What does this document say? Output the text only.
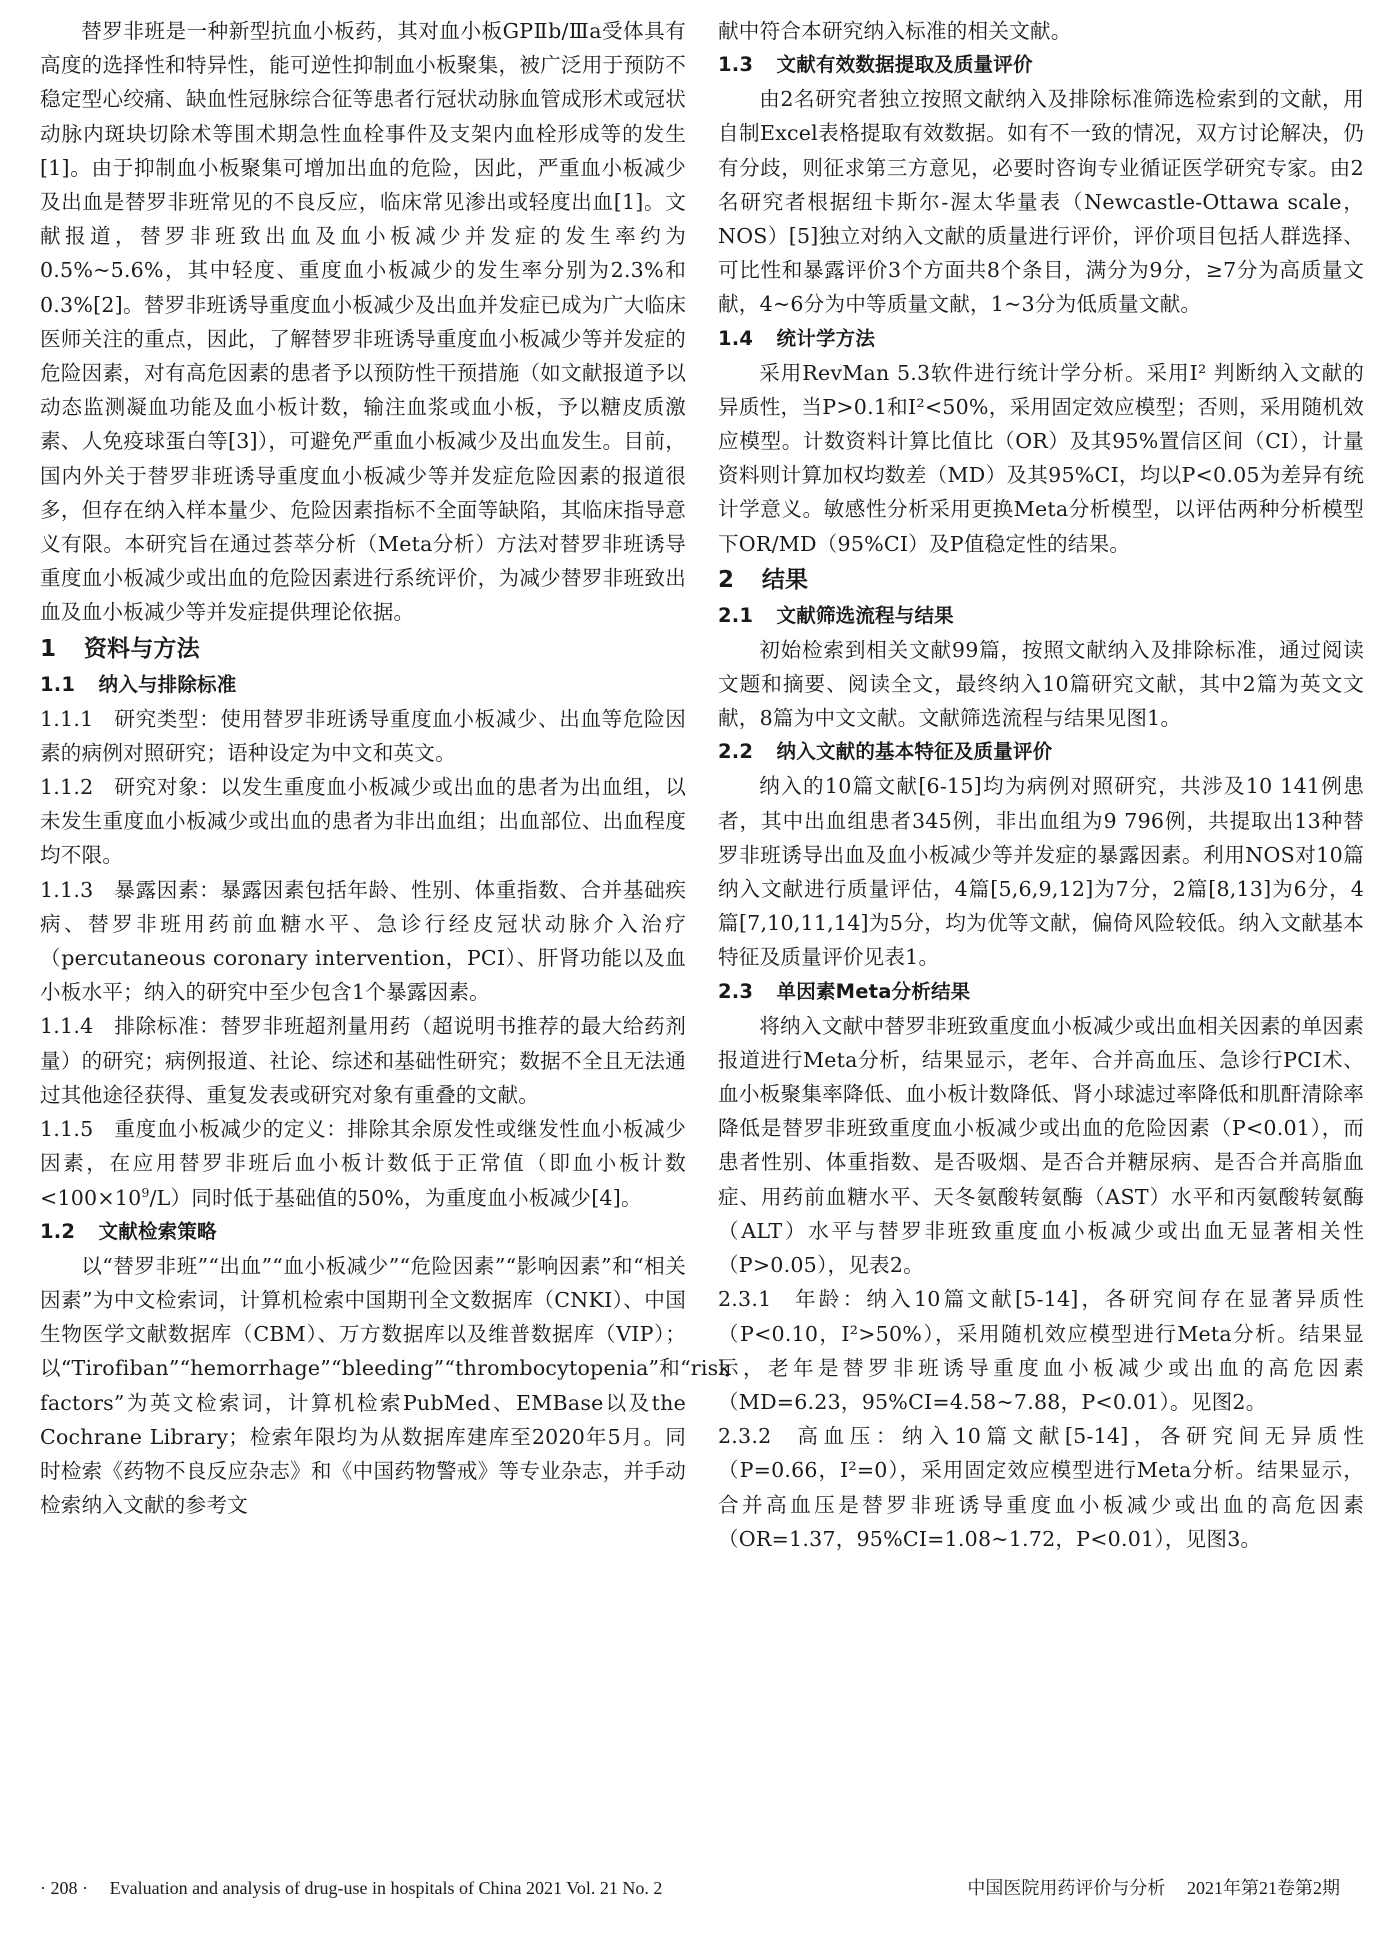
替罗非班是一种新型抗血小板药，其对血小板GPⅡb/Ⅲa受体具有高度的选择性和特异性，能可逆性抑制血小板聚集，被广泛用于预防不稳定型心绞痛、缺血性冠脉综合征等患者行冠状动脉血管成形术或冠状动脉内斑块切除术等围术期急性血栓事件及支架内血栓形成等的发生[1]。由于抑制血小板聚集可增加出血的危险，因此，严重血小板减少及出血是替罗非班常见的不良反应，临床常见渗出或轻度出血[1]。文献报道，替罗非班致出血及血小板减少并发症的发生率约为0.5%~5.6%，其中轻度、重度血小板减少的发生率分别为2.3%和0.3%[2]。替罗非班诱导重度血小板减少及出血并发症已成为广大临床医师关注的重点，因此，了解替罗非班诱导重度血小板减少等并发症的危险因素，对有高危因素的患者予以预防性干预措施（如文献报道予以动态监测凝血功能及血小板计数，输注血浆或血小板，予以糖皮质激素、人免疫球蛋白等[3]），可避免严重血小板减少及出血发生。目前，国内外关于替罗非班诱导重度血小板减少等并发症危险因素的报道很多，但存在纳入样本量少、危险因素指标不全面等缺陷，其临床指导意义有限。本研究旨在通过荟萃分析（Meta分析）方法对替罗非班诱导重度血小板减少或出血的危险因素进行系统评价，为减少替罗非班致出血及血小板减少等并发症提供理论依据。

1 资料与方法
1.1 纳入与排除标准

1.1.1 研究类型：使用替罗非班诱导重度血小板减少、出血等危险因素的病例对照研究；语种设定为中文和英文。

1.1.2 研究对象：以发生重度血小板减少或出血的患者为出血组，以未发生重度血小板减少或出血的患者为非出血组；出血部位、出血程度均不限。

1.1.3 暴露因素：暴露因素包括年龄、性别、体重指数、合并基础疾病、替罗非班用药前血糖水平、急诊行经皮冠状动脉介入治疗（percutaneous coronary intervention，PCI）、肝肾功能以及血小板水平；纳入的研究中至少包含1个暴露因素。

1.1.4 排除标准：替罗非班超剂量用药（超说明书推荐的最大给药剂量）的研究；病例报道、社论、综述和基础性研究；数据不全且无法通过其他途径获得、重复发表或研究对象有重叠的文献。

1.1.5 重度血小板减少的定义：排除其余原发性或继发性血小板减少因素，在应用替罗非班后血小板计数低于正常值（即血小板计数$<100\times 10^9/L$）同时低于基础值的50%，为重度血小板减少[4]。

1.2 文献检索策略

以“替罗非班”“出血”“血小板减少”“危险因素”“影响因素”和“相关因素”为中文检索词，计算机检索中国期刊全文数据库（CNKI）、中国生物医学文献数据库（CBM）、万方数据库以及维普数据库（VIP）；以“Tirofiban”“hemorrhage”“bleeding”“thrombocytopenia”和“risk factors”为英文检索词，计算机检索PubMed、EMBase以及the Cochrane Library；检索年限均为从数据库建库至2020年5月。同时检索《药物不良反应杂志》和《中国药物警戒》等专业杂志，并手动检索纳入文献的参考文

献中符合本研究纳入标准的相关文献。

1.3 文献有效数据提取及质量评价

由2名研究者独立按照文献纳入及排除标准筛选检索到的文献，用自制Excel表格提取有效数据。如有不一致的情况，双方讨论解决，仍有分歧，则征求第三方意见，必要时咨询专业循证医学研究专家。由2名研究者根据纽卡斯尔-渥太华量表（Newcastle-Ottawa scale，NOS）[5]独立对纳入文献的质量进行评价，评价项目包括人群选择、可比性和暴露评价3个方面共8个条目，满分为9分，≥7分为高质量文献，4~6分为中等质量文献，1~3分为低质量文献。

1.4 统计学方法

采用RevMan 5.3软件进行统计学分析。采用I² 判断纳入文献的异质性，当P>0.1和I²<50%，采用固定效应模型；否则，采用随机效应模型。计数资料计算比值比（OR）及其95%置信区间（CI），计量资料则计算加权均数差（MD）及其95%CI，均以P<0.05为差异有统计学意义。敏感性分析采用更换Meta分析模型，以评估两种分析模型下OR/MD（95%CI）及P值稳定性的结果。

2 结果
2.1 文献筛选流程与结果

初始检索到相关文献99篇，按照文献纳入及排除标准，通过阅读文题和摘要、阅读全文，最终纳入10篇研究文献，其中2篇为英文文献，8篇为中文文献。文献筛选流程与结果见图1。

2.2 纳入文献的基本特征及质量评价

纳入的10篇文献[6-15]均为病例对照研究，共涉及10 141例患者，其中出血组患者345例，非出血组为9 796例，共提取出13种替罗非班诱导出血及血小板减少等并发症的暴露因素。利用NOS对10篇纳入文献进行质量评估，4篇[5,6,9,12]为7分，2篇[8,13]为6分，4篇[7,10,11,14]为5分，均为优等文献，偏倚风险较低。纳入文献基本特征及质量评价见表1。

2.3 单因素Meta分析结果

将纳入文献中替罗非班致重度血小板减少或出血相关因素的单因素报道进行Meta分析，结果显示，老年、合并高血压、急诊行PCI术、血小板聚集率降低、血小板计数降低、肾小球滤过率降低和肌酐清除率降低是替罗非班致重度血小板减少或出血的危险因素（P<0.01），而患者性别、体重指数、是否吸烟、是否合并糖尿病、是否合并高脂血症、用药前血糖水平、天冬氨酸转氨酶（AST）水平和丙氨酸转氨酶（ALT）水平与替罗非班致重度血小板减少或出血无显著相关性（P>0.05），见表2。

2.3.1 年龄：纳入10篇文献[5-14]，各研究间存在显著异质性（P<0.10，I²>50%），采用随机效应模型进行Meta分析。结果显示，老年是替罗非班诱导重度血小板减少或出血的高危因素（MD=6.23，95%CI=4.58~7.88，P<0.01）。见图2。

2.3.2 高血压：纳入10篇文献[5-14]，各研究间无异质性（P=0.66，I²=0），采用固定效应模型进行Meta分析。结果显示，合并高血压是替罗非班诱导重度血小板减少或出血的高危因素（OR=1.37，95%CI=1.08~1.72，P<0.01），见图3。

· 208 · Evaluation and analysis of drug-use in hospitals of China 2021 Vol. 21 No. 2	中国医院用药评价与分析 2021年第21卷第2期
